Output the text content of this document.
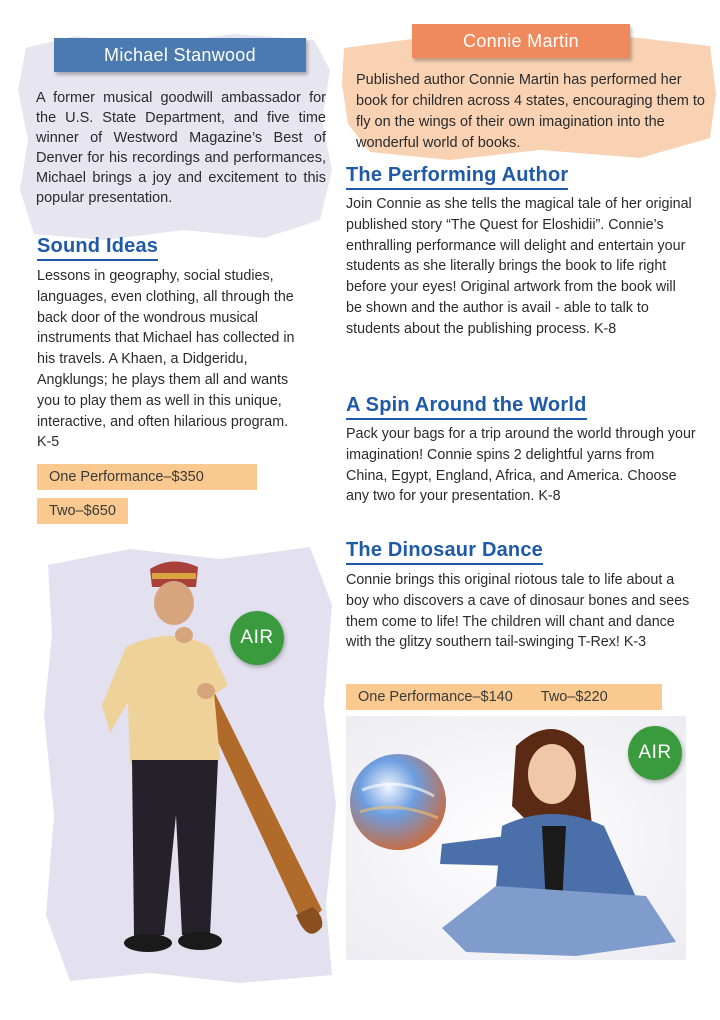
Michael Stanwood

A former musical goodwill ambassador for the U.S. State Department, and five time winner of Westword Magazine’s Best of Denver for his recordings and performances, Michael brings a joy and excitement to this popular presentation.

Sound Ideas

Lessons in geography, social studies, languages, even clothing, all through the back door of the wondrous musical instruments that Michael has collected in his travels. A Khaen, a Didgeridu, Angklungs; he plays them all and wants you to play them as well in this unique, interactive, and often hilarious program. K-5

One Performance–$350
Two–$650
AIR
Connie Martin

Published author Connie Martin has performed her book for children across 4 states, encouraging them to fly on the wings of their own imagination into the wonderful world of books.

The Performing Author

Join Connie as she tells the magical tale of her original published story “The Quest for Eloshidii”. Connie’s enthralling performance will delight and entertain your students as she literally brings the book to life right before your eyes! Original artwork from the book will be shown and the author is avail - able to talk to students about the publishing process. K-8

A Spin Around the World

Pack your bags for a trip around the world through your imagination! Connie spins 2 delightful yarns from China, Egypt, England, Africa, and America. Choose any two for your presentation. K-8

The Dinosaur Dance

Connie brings this original riotous tale to life about a boy who discovers a cave of dinosaur bones and sees them come to life! The children will chant and dance with the glitzy southern tail-swinging T-Rex! K-3

One Performance–$140 Two–$220
AIR
